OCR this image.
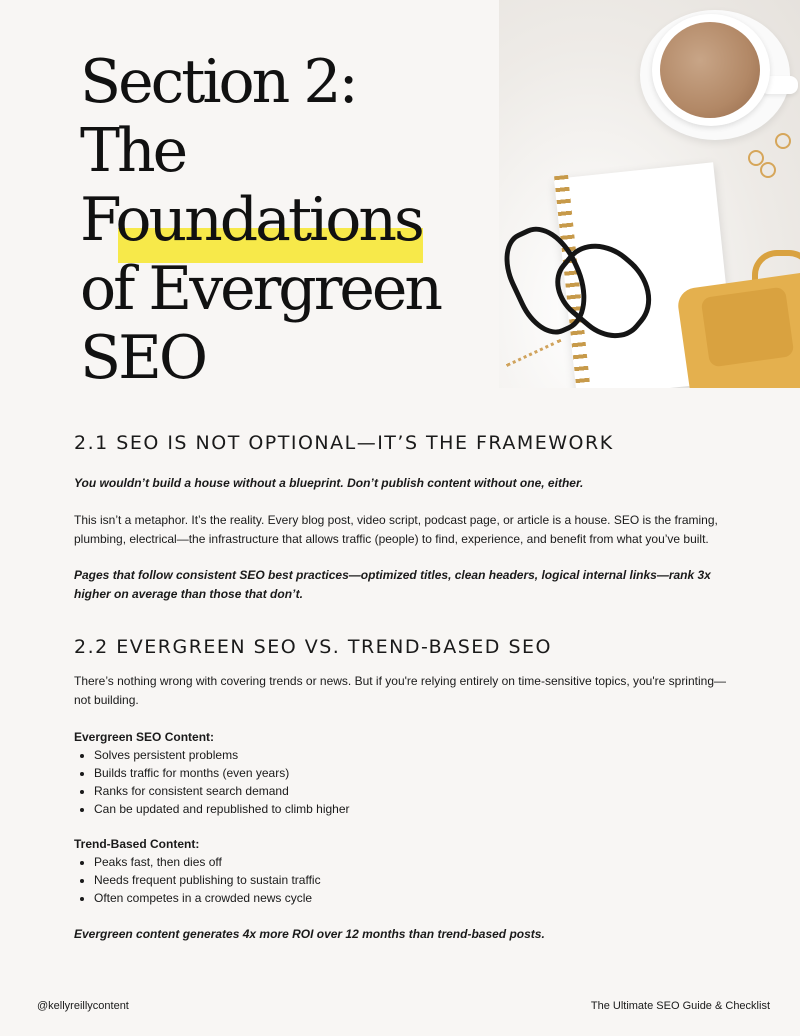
Section 2:
The
Foundations
of Evergreen
SEO
2.1 SEO IS NOT OPTIONAL—IT’S THE FRAMEWORK

You wouldn’t build a house without a blueprint. Don’t publish content without one, either.

This isn’t a metaphor. It’s the reality. Every blog post, video script, podcast page, or article is a house. SEO is the framing, plumbing, electrical—the infrastructure that allows traffic (people) to find, experience, and benefit from what you’ve built.

Pages that follow consistent SEO best practices—optimized titles, clean headers, logical internal links—rank 3x higher on average than those that don’t.

2.2 EVERGREEN SEO VS. TREND-BASED SEO

There’s nothing wrong with covering trends or news. But if you're relying entirely on time-sensitive topics, you're sprinting—not building.

Evergreen SEO Content:

• Solves persistent problems
• Builds traffic for months (even years)
• Ranks for consistent search demand
• Can be updated and republished to climb higher

Trend-Based Content:

• Peaks fast, then dies off
• Needs frequent publishing to sustain traffic
• Often competes in a crowded news cycle

Evergreen content generates 4x more ROI over 12 months than trend-based posts.

@kellyreillycontent	The Ultimate SEO Guide & Checklist
